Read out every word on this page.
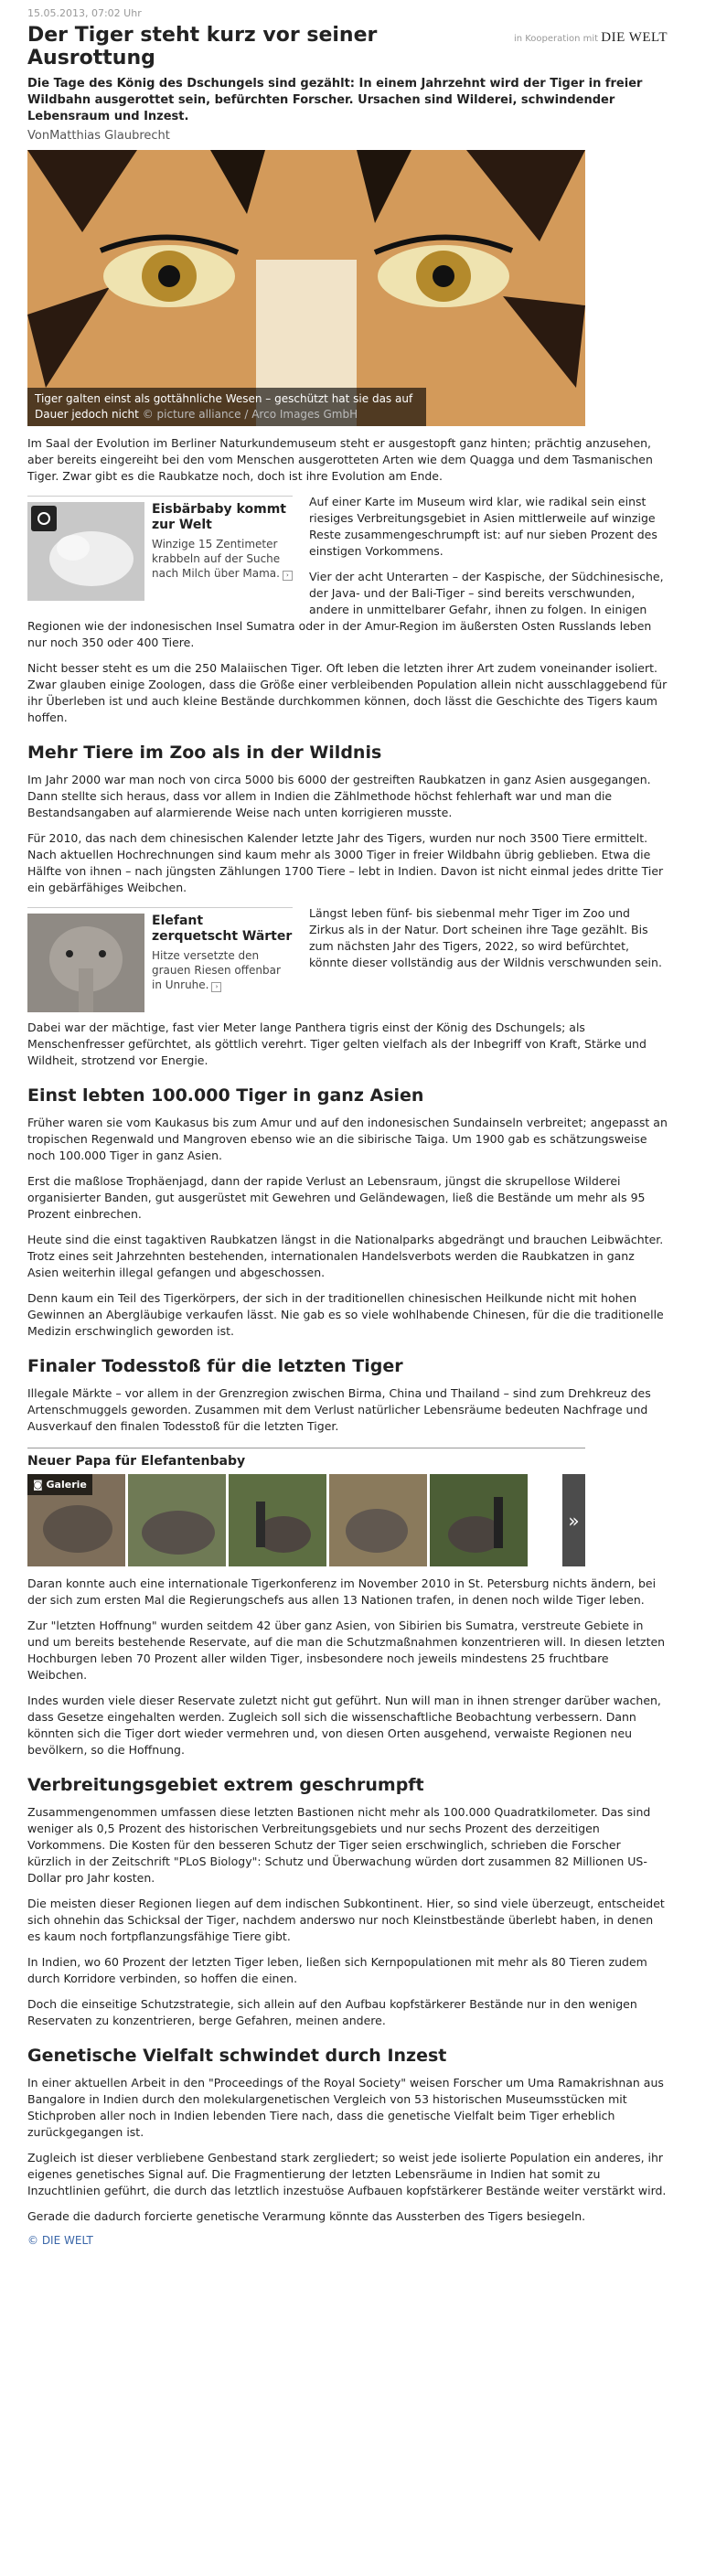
15.05.2013, 07:02 Uhr
Der Tiger steht kurz vor seiner Ausrottung
in Kooperation mit DIE WELT
Die Tage des König des Dschungels sind gezählt: In einem Jahrzehnt wird der Tiger in freier Wildbahn ausgerottet sein, befürchten Forscher. Ursachen sind Wilderei, schwindender Lebensraum und Inzest.
VonMatthias Glaubrecht
Tiger galten einst als gottähnliche Wesen – geschützt hat sie das auf Dauer jedoch nicht © picture alliance / Arco Images GmbH

Im Saal der Evolution im Berliner Naturkundemuseum steht er ausgestopft ganz hinten; prächtig anzusehen, aber bereits eingereiht bei den vom Menschen ausgerotteten Arten wie dem Quagga und dem Tasmanischen Tiger. Zwar gibt es die Raubkatze noch, doch ist ihre Evolution am Ende.

Eisbärbaby kommt zur Welt
Winzige 15 Zentimeter krabbeln auf der Suche nach Milch über Mama. ›

Auf einer Karte im Museum wird klar, wie radikal sein einst riesiges Verbreitungsgebiet in Asien mittlerweile auf winzige Reste zusammengeschrumpft ist: auf nur sieben Prozent des einstigen Vorkommens.

Vier der acht Unterarten – der Kaspische, der Südchinesische, der Java- und der Bali-Tiger – sind bereits verschwunden, andere in unmittelbarer Gefahr, ihnen zu folgen. In einigen Regionen wie der indonesischen Insel Sumatra oder in der Amur-Region im äußersten Osten Russlands leben nur noch 350 oder 400 Tiere.

Nicht besser steht es um die 250 Malaiischen Tiger. Oft leben die letzten ihrer Art zudem voneinander isoliert. Zwar glauben einige Zoologen, dass die Größe einer verbleibenden Population allein nicht ausschlaggebend für ihr Überleben ist und auch kleine Bestände durchkommen können, doch lässt die Geschichte des Tigers kaum hoffen.

Mehr Tiere im Zoo als in der Wildnis

Im Jahr 2000 war man noch von circa 5000 bis 6000 der gestreiften Raubkatzen in ganz Asien ausgegangen. Dann stellte sich heraus, dass vor allem in Indien die Zählmethode höchst fehlerhaft war und man die Bestandsangaben auf alarmierende Weise nach unten korrigieren musste.

Für 2010, das nach dem chinesischen Kalender letzte Jahr des Tigers, wurden nur noch 3500 Tiere ermittelt. Nach aktuellen Hochrechnungen sind kaum mehr als 3000 Tiger in freier Wildbahn übrig geblieben. Etwa die Hälfte von ihnen – nach jüngsten Zählungen 1700 Tiere – lebt in Indien. Davon ist nicht einmal jedes dritte Tier ein gebärfähiges Weibchen.

Elefant zerquetscht Wärter
Hitze versetzte den grauen Riesen offenbar in Unruhe. ›

Längst leben fünf- bis siebenmal mehr Tiger im Zoo und Zirkus als in der Natur. Dort scheinen ihre Tage gezählt. Bis zum nächsten Jahr des Tigers, 2022, so wird befürchtet, könnte dieser vollständig aus der Wildnis verschwunden sein.

Dabei war der mächtige, fast vier Meter lange Panthera tigris einst der König des Dschungels; als Menschenfresser gefürchtet, als göttlich verehrt. Tiger gelten vielfach als der Inbegriff von Kraft, Stärke und Wildheit, strotzend vor Energie.

Einst lebten 100.000 Tiger in ganz Asien

Früher waren sie vom Kaukasus bis zum Amur und auf den indonesischen Sundainseln verbreitet; angepasst an tropischen Regenwald und Mangroven ebenso wie an die sibirische Taiga. Um 1900 gab es schätzungsweise noch 100.000 Tiger in ganz Asien.

Erst die maßlose Trophäenjagd, dann der rapide Verlust an Lebensraum, jüngst die skrupellose Wilderei organisierter Banden, gut ausgerüstet mit Gewehren und Geländewagen, ließ die Bestände um mehr als 95 Prozent einbrechen.

Heute sind die einst tagaktiven Raubkatzen längst in die Nationalparks abgedrängt und brauchen Leibwächter. Trotz eines seit Jahrzehnten bestehenden, internationalen Handelsverbots werden die Raubkatzen in ganz Asien weiterhin illegal gefangen und abgeschossen.

Denn kaum ein Teil des Tigerkörpers, der sich in der traditionellen chinesischen Heilkunde nicht mit hohen Gewinnen an Abergläubige verkaufen lässt. Nie gab es so viele wohlhabende Chinesen, für die die traditionelle Medizin erschwinglich geworden ist.

Finaler Todesstoß für die letzten Tiger

Illegale Märkte – vor allem in der Grenzregion zwischen Birma, China und Thailand – sind zum Drehkreuz des Artenschmuggels geworden. Zusammen mit dem Verlust natürlicher Lebensräume bedeuten Nachfrage und Ausverkauf den finalen Todesstoß für die letzten Tiger.

Neuer Papa für Elefantenbaby
◙ Galerie
»

Daran konnte auch eine internationale Tigerkonferenz im November 2010 in St. Petersburg nichts ändern, bei der sich zum ersten Mal die Regierungschefs aus allen 13 Nationen trafen, in denen noch wilde Tiger leben.

Zur "letzten Hoffnung" wurden seitdem 42 über ganz Asien, von Sibirien bis Sumatra, verstreute Gebiete in und um bereits bestehende Reservate, auf die man die Schutzmaßnahmen konzentrieren will. In diesen letzten Hochburgen leben 70 Prozent aller wilden Tiger, insbesondere noch jeweils mindestens 25 fruchtbare Weibchen.

Indes wurden viele dieser Reservate zuletzt nicht gut geführt. Nun will man in ihnen strenger darüber wachen, dass Gesetze eingehalten werden. Zugleich soll sich die wissenschaftliche Beobachtung verbessern. Dann könnten sich die Tiger dort wieder vermehren und, von diesen Orten ausgehend, verwaiste Regionen neu bevölkern, so die Hoffnung.

Verbreitungsgebiet extrem geschrumpft

Zusammengenommen umfassen diese letzten Bastionen nicht mehr als 100.000 Quadratkilometer. Das sind weniger als 0,5 Prozent des historischen Verbreitungsgebiets und nur sechs Prozent des derzeitigen Vorkommens. Die Kosten für den besseren Schutz der Tiger seien erschwinglich, schrieben die Forscher kürzlich in der Zeitschrift "PLoS Biology": Schutz und Überwachung würden dort zusammen 82 Millionen US-Dollar pro Jahr kosten.

Die meisten dieser Regionen liegen auf dem indischen Subkontinent. Hier, so sind viele überzeugt, entscheidet sich ohnehin das Schicksal der Tiger, nachdem anderswo nur noch Kleinstbestände überlebt haben, in denen es kaum noch fortpflanzungsfähige Tiere gibt.

In Indien, wo 60 Prozent der letzten Tiger leben, ließen sich Kernpopulationen mit mehr als 80 Tieren zudem durch Korridore verbinden, so hoffen die einen.

Doch die einseitige Schutzstrategie, sich allein auf den Aufbau kopfstärkerer Bestände nur in den wenigen Reservaten zu konzentrieren, berge Gefahren, meinen andere.

Genetische Vielfalt schwindet durch Inzest

In einer aktuellen Arbeit in den "Proceedings of the Royal Society" weisen Forscher um Uma Ramakrishnan aus Bangalore in Indien durch den molekulargenetischen Vergleich von 53 historischen Museumsstücken mit Stichproben aller noch in Indien lebenden Tiere nach, dass die genetische Vielfalt beim Tiger erheblich zurückgegangen ist.

Zugleich ist dieser verbliebene Genbestand stark zergliedert; so weist jede isolierte Population ein anderes, ihr eigenes genetisches Signal auf. Die Fragmentierung der letzten Lebensräume in Indien hat somit zu Inzuchtlinien geführt, die durch das letztlich inzestuöse Aufbauen kopfstärkerer Bestände weiter verstärkt wird.

Gerade die dadurch forcierte genetische Verarmung könnte das Aussterben des Tigers besiegeln.

© DIE WELT
